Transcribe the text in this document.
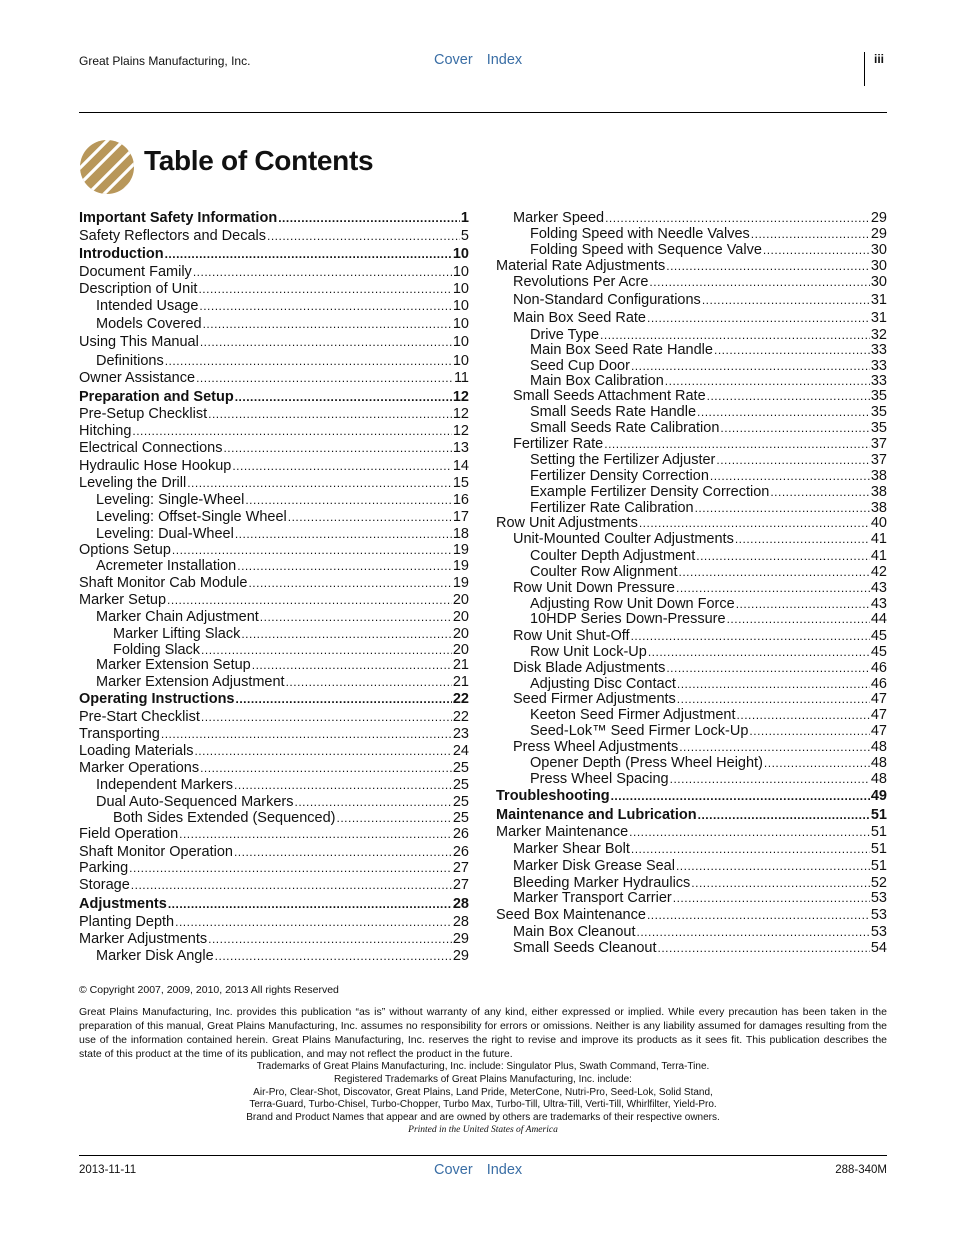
Great Plains Manufacturing, Inc.	Cover Index	iii
Table of Contents
Important Safety Information .....	1
Safety Reflectors and Decals .....	5
Introduction .....	10
Document Family .....	10
Description of Unit .....	10
Intended Usage .....	10
Models Covered .....	10
Using This Manual .....	10
Definitions .....	10
Owner Assistance .....	11
Preparation and Setup .....	12
Pre-Setup Checklist .....	12
Hitching .....	12
Electrical Connections .....	13
Hydraulic Hose Hookup .....	14
Leveling the Drill .....	15
Leveling: Single-Wheel .....	16
Leveling: Offset-Single Wheel .....	17
Leveling: Dual-Wheel .....	18
Options Setup .....	19
Acremeter Installation .....	19
Shaft Monitor Cab Module .....	19
Marker Setup .....	20
Marker Chain Adjustment .....	20
Marker Lifting Slack .....	20
Folding Slack .....	20
Marker Extension Setup .....	21
Marker Extension Adjustment .....	21
Operating Instructions .....	22
Pre-Start Checklist .....	22
Transporting .....	23
Loading Materials .....	24
Marker Operations .....	25
Independent Markers .....	25
Dual Auto-Sequenced Markers .....	25
Both Sides Extended (Sequenced) .....	25
Field Operation .....	26
Shaft Monitor Operation .....	26
Parking .....	27
Storage .....	27
Adjustments .....	28
Planting Depth .....	28
Marker Adjustments .....	29
Marker Disk Angle .....	29
Marker Speed .....	29
Folding Speed with Needle Valves .....	29
Folding Speed with Sequence Valve .....	30
Material Rate Adjustments .....	30
Revolutions Per Acre .....	30
Non-Standard Configurations .....	31
Main Box Seed Rate .....	31
Drive Type .....	32
Main Box Seed Rate Handle .....	33
Seed Cup Door .....	33
Main Box Calibration .....	33
Small Seeds Attachment Rate .....	35
Small Seeds Rate Handle .....	35
Small Seeds Rate Calibration .....	35
Fertilizer Rate .....	37
Setting the Fertilizer Adjuster .....	37
Fertilizer Density Correction .....	38
Example Fertilizer Density Correction .....	38
Fertilizer Rate Calibration .....	38
Row Unit Adjustments .....	40
Unit-Mounted Coulter Adjustments .....	41
Coulter Depth Adjustment .....	41
Coulter Row Alignment .....	42
Row Unit Down Pressure .....	43
Adjusting Row Unit Down Force .....	43
10HDP Series Down-Pressure .....	44
Row Unit Shut-Off .....	45
Row Unit Lock-Up .....	45
Disk Blade Adjustments .....	46
Adjusting Disc Contact .....	46
Seed Firmer Adjustments .....	47
Keeton Seed Firmer Adjustment .....	47
Seed-Lok™ Seed Firmer Lock-Up .....	47
Press Wheel Adjustments .....	48
Opener Depth (Press Wheel Height) .....	48
Press Wheel Spacing .....	48
Troubleshooting .....	49
Maintenance and Lubrication .....	51
Marker Maintenance .....	51
Marker Shear Bolt .....	51
Marker Disk Grease Seal .....	51
Bleeding Marker Hydraulics .....	52
Marker Transport Carrier .....	53
Seed Box Maintenance .....	53
Main Box Cleanout .....	53
Small Seeds Cleanout .....	54
© Copyright 2007, 2009, 2010, 2013 All rights Reserved
Great Plains Manufacturing, Inc. provides this publication “as is” without warranty of any kind, either expressed or implied. While every precaution has been taken in the preparation of this manual, Great Plains Manufacturing, Inc. assumes no responsibility for errors or omissions. Neither is any liability assumed for damages resulting from the use of the information contained herein. Great Plains Manufacturing, Inc. reserves the right to revise and improve its products as it sees fit. This publication describes the state of this product at the time of its publication, and may not reflect the product in the future.
Trademarks of Great Plains Manufacturing, Inc. include: Singulator Plus, Swath Command, Terra-Tine.
Registered Trademarks of Great Plains Manufacturing, Inc. include:
Air-Pro, Clear-Shot, Discovator, Great Plains, Land Pride, MeterCone, Nutri-Pro, Seed-Lok, Solid Stand,
Terra-Guard, Turbo-Chisel, Turbo-Chopper, Turbo Max, Turbo-Till, Ultra-Till, Verti-Till, Whirlfilter, Yield-Pro.
Brand and Product Names that appear and are owned by others are trademarks of their respective owners.
Printed in the United States of America
2013-11-11	Cover Index	288-340M
